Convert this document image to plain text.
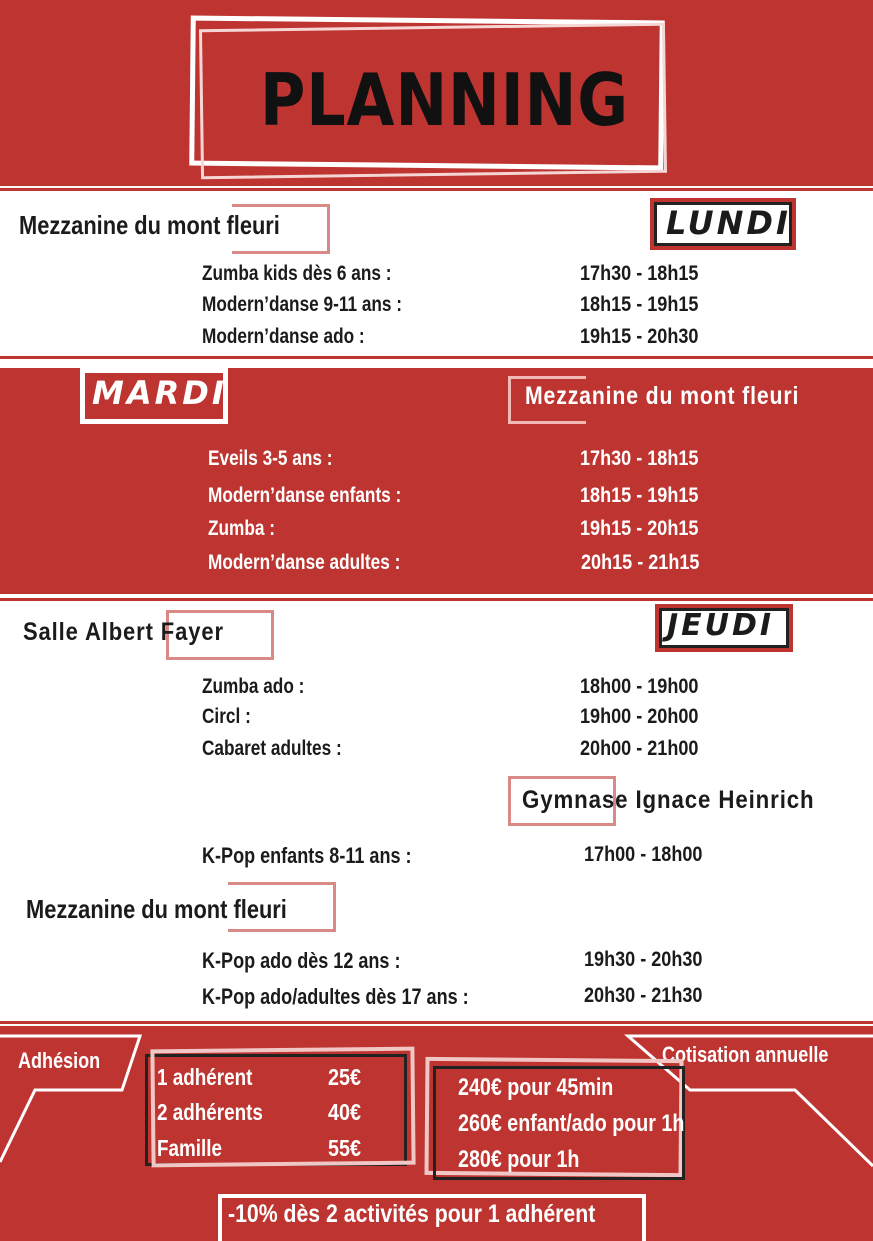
PLANNING
LUNDI
Mezzanine du mont fleuri
Zumba kids dès 6 ans :	17h30 - 18h15
Modern’danse 9-11 ans :	18h15 - 19h15
Modern’danse ado :	19h15 - 20h30
MARDI	Mezzanine du mont fleuri
Eveils 3-5 ans :	17h30 - 18h15
Modern’danse enfants :	18h15 - 19h15
Zumba :	19h15 - 20h15
Modern’danse adultes :	20h15 - 21h15
JEUDI
Salle Albert Fayer
Zumba ado :	18h00 - 19h00
Circl :	19h00 - 20h00
Cabaret adultes :	20h00 - 21h00
Gymnase Ignace Heinrich
K-Pop enfants 8-11 ans :	17h00 - 18h00
Mezzanine du mont fleuri
K-Pop ado dès 12 ans :	19h30 - 20h30
K-Pop ado/adultes dès 17 ans :	20h30 - 21h30
Adhésion
1 adhérent	25€
2 adhérents	40€
Famille	55€
Cotisation annuelle
240€ pour 45min
260€ enfant/ado pour 1h
280€ pour 1h
-10% dès 2 activités pour 1 adhérent
